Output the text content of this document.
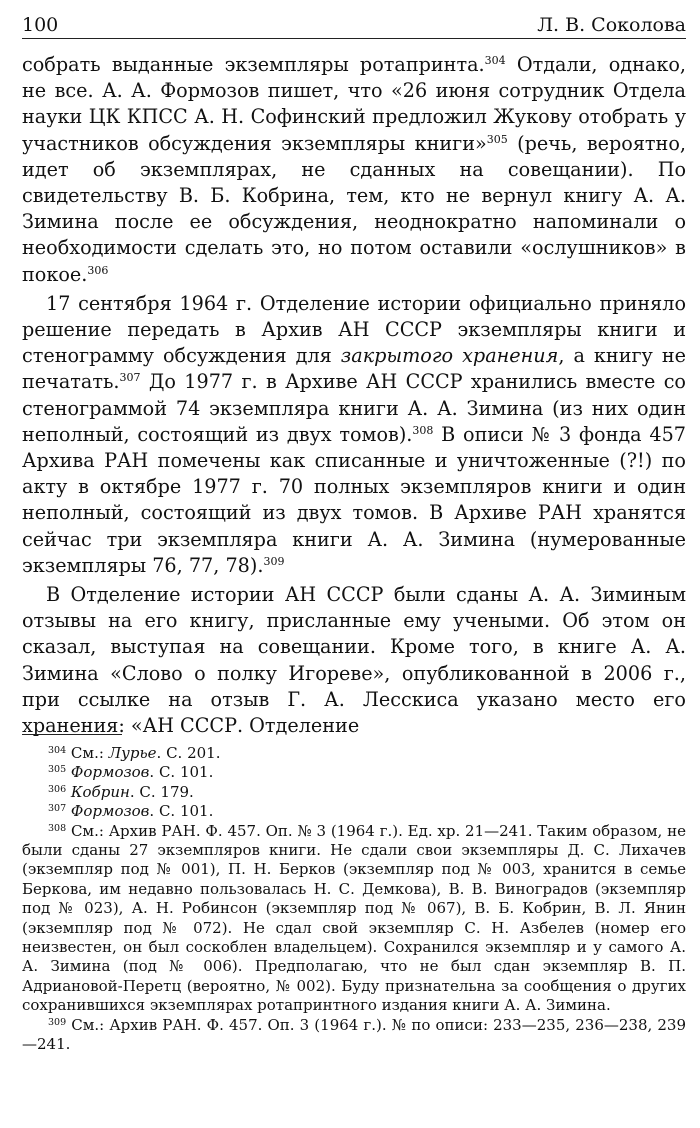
100	Л. В. Соколова

собрать выданные экземпляры ротапринта.$^{304}$ Отдали, однако, не все. А. А. Формозов пишет, что «26 июня сотрудник Отдела науки ЦК КПСС А. Н. Софинский предложил Жукову отобрать у участников обсуждения экземпляры книги»$^{305}$ (речь, вероятно, идет об экземплярах, не сданных на совещании). По свидетельству В. Б. Кобрина, тем, кто не вернул книгу А. А. Зимина после ее обсуждения, неоднократно напоминали о необходимости сделать это, но потом оставили «ослушников» в покое.$^{306}$

17 сентября 1964 г. Отделение истории официально приняло решение передать в Архив АН СССР экземпляры книги и стенограмму обсуждения для закрытого хранения, а книгу не печатать.$^{307}$ До 1977 г. в Архиве АН СССР хранились вместе со стенограммой 74 экземпляра книги А. А. Зимина (из них один неполный, состоящий из двух томов).$^{308}$ В описи № 3 фонда 457 Архива РАН помечены как списанные и уничтоженные (?!) по акту в октябре 1977 г. 70 полных экземпляров книги и один неполный, состоящий из двух томов. В Архиве РАН хранятся сейчас три экземпляра книги А. А. Зимина (нумерованные экземпляры 76, 77, 78).$^{309}$

В Отделение истории АН СССР были сданы А. А. Зиминым отзывы на его книгу, присланные ему учеными. Об этом он сказал, выступая на совещании. Кроме того, в книге А. А. Зимина «Слово о полку Игореве», опубликованной в 2006 г., при ссылке на отзыв Г. А. Лесскиса указано место его хранения: «АН СССР. Отделение

$^{304}$ См.: Лурье. С. 201.

$^{305}$ Формозов. С. 101.

$^{306}$ Кобрин. С. 179.

$^{307}$ Формозов. С. 101.

$^{308}$ См.: Архив РАН. Ф. 457. Оп. № 3 (1964 г.). Ед. хр. 21—241. Таким образом, не были сданы 27 экземпляров книги. Не сдали свои экземпляры Д. С. Лихачев (экземпляр под № 001), П. Н. Берков (экземпляр под № 003, хранится в семье Беркова, им недавно пользовалась Н. С. Демкова), В. В. Виноградов (экземпляр под № 023), А. Н. Робинсон (экземпляр под № 067), В. Б. Кобрин, В. Л. Янин (экземпляр под № 072). Не сдал свой экземпляр С. Н. Азбелев (номер его неизвестен, он был соскоблен владельцем). Сохранился экземпляр и у самого А. А. Зимина (под № 006). Предполагаю, что не был сдан экземпляр В. П. Адриановой-Перетц (вероятно, № 002). Буду признательна за сообщения о других сохранившихся экземплярах ротапринтного издания книги А. А. Зимина.

$^{309}$ См.: Архив РАН. Ф. 457. Оп. 3 (1964 г.). № по описи: 233—235, 236—238, 239—241.
